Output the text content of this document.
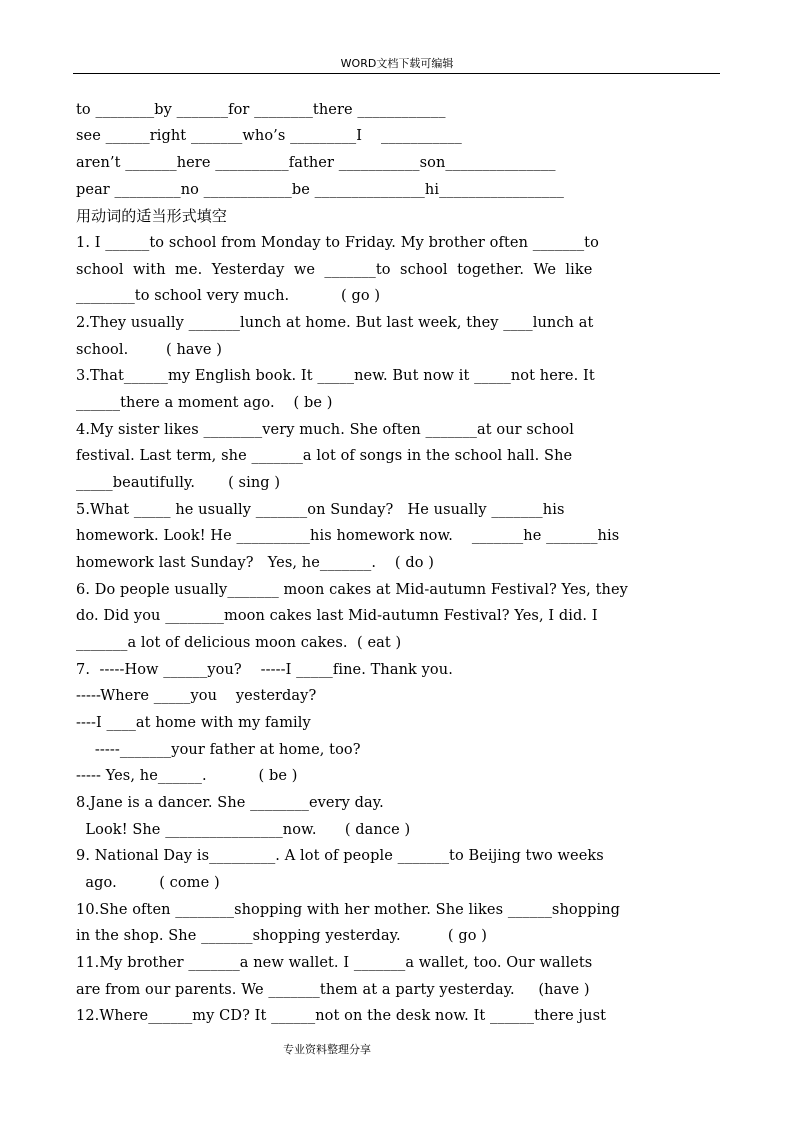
WORD文档下载可编辑
to ________by _______for ________there ____________
see ______right _______who’s _________I    ___________
aren’t _______here __________father ___________son_______________
pear _________no ____________be _______________hi_________________
用动词的适当形式填空
1. I ______to school from Monday to Friday. My brother often _______to
school  with  me.  Yesterday  we  _______to  school  together.  We  like
________to school very much.           ( go )
2.They usually _______lunch at home. But last week, they ____lunch at
school.        ( have )
3.That______my English book. It _____new. But now it _____not here. It
______there a moment ago.    ( be )
4.My sister likes ________very much. She often _______at our school
festival. Last term, she _______a lot of songs in the school hall. She
_____beautifully.       ( sing )
5.What _____ he usually _______on Sunday?   He usually _______his
homework. Look! He __________his homework now.    _______he _______his
homework last Sunday?   Yes, he_______.    ( do )
6. Do people usually_______ moon cakes at Mid-autumn Festival? Yes, they
do. Did you ________moon cakes last Mid-autumn Festival? Yes, I did. I
_______a lot of delicious moon cakes.  ( eat )
7.  -----How ______you?    -----I _____fine. Thank you.
-----Where _____you    yesterday?
----I ____at home with my family
-----_______your father at home, too?
----- Yes, he______.           ( be )
8.Jane is a dancer. She ________every day.
Look! She ________________now.      ( dance )
9. National Day is_________. A lot of people _______to Beijing two weeks
ago.         ( come )
10.She often ________shopping with her mother. She likes ______shopping
in the shop. She _______shopping yesterday.          ( go )
11.My brother _______a new wallet. I _______a wallet, too. Our wallets
are from our parents. We _______them at a party yesterday.     (have )
12.Where______my CD? It ______not on the desk now. It ______there just
专业资料整理分享
